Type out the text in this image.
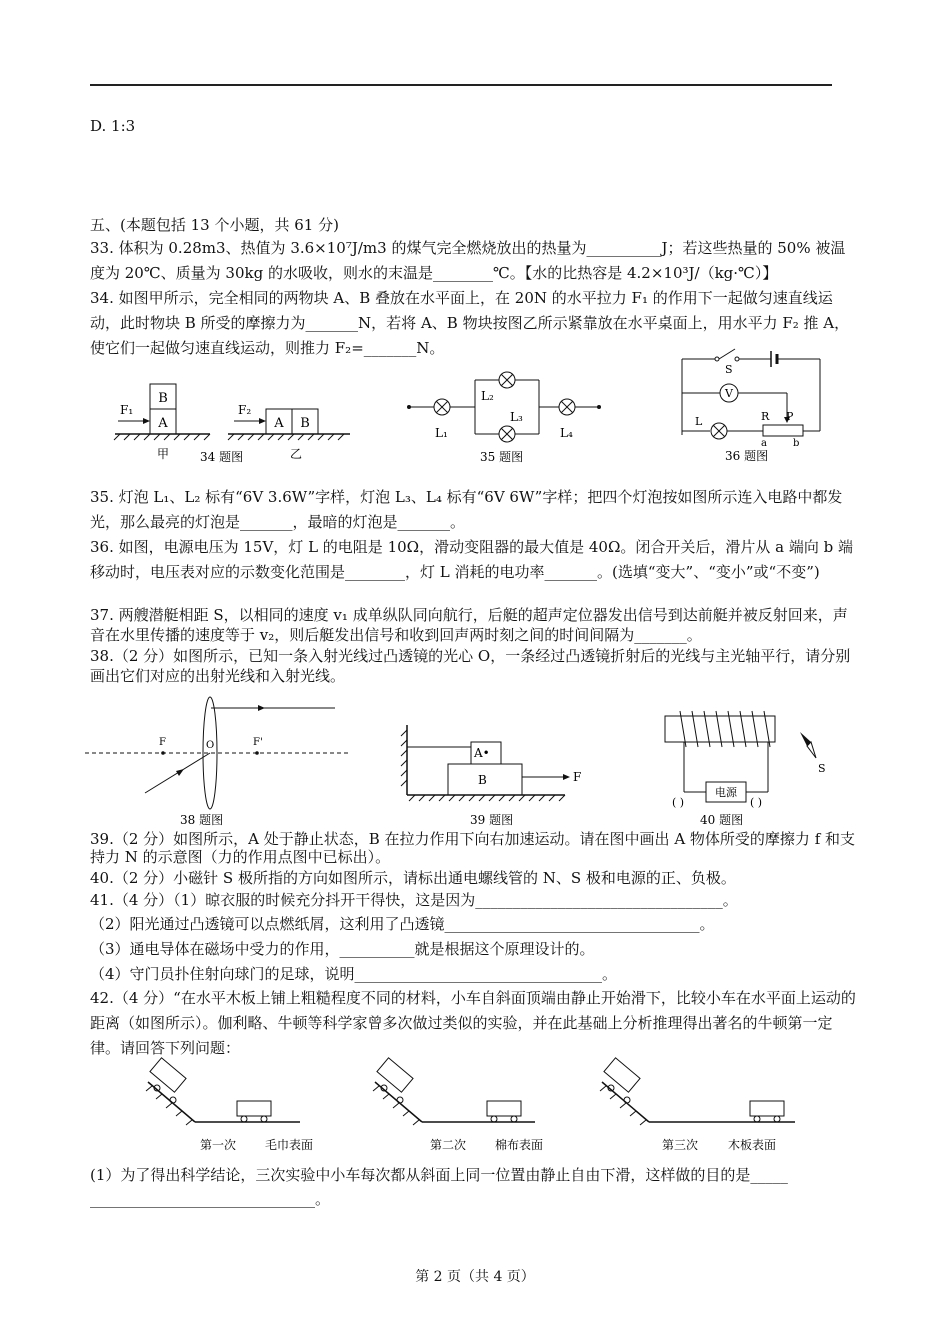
D. 1:3
五、(本题包括 13 个小题，共 61 分)
33. 体积为 0.28m3、热值为 3.6×10⁷J/m3 的煤气完全燃烧放出的热量为__________J；若这些热量的 50% 被温度为 20℃、质量为 30kg 的水吸收，则水的末温是________℃。【水的比热容是 4.2×10³J/（kg·℃）】
34. 如图甲所示，完全相同的两物块 A、B 叠放在水平面上，在 20N 的水平拉力 F₁ 的作用下一起做匀速直线运动，此时物块 B 所受的摩擦力为_______N，若将 A、B 物块按图乙所示紧靠放在水平桌面上，用水平力 F₂ 推 A，使它们一起做匀速直线运动，则推力 F₂=_______N。
B
A
F₁
甲
A B
F₂
34 题图	乙
L₁
L₂
L₃
L₄
35 题图
S
V
L	R P
a	b
36 题图
35. 灯泡 L₁、L₂ 标有“6V 3.6W”字样，灯泡 L₃、L₄ 标有“6V 6W”字样；把四个灯泡按如图所示连入电路中都发光，那么最亮的灯泡是_______，最暗的灯泡是_______。
36. 如图，电源电压为 15V，灯 L 的电阻是 10Ω，滑动变阻器的最大值是 40Ω。闭合开关后，滑片从 a 端向 b 端移动时，电压表对应的示数变化范围是________，灯 L 消耗的电功率_______。(选填“变大”、“变小”或“不变”)
37. 两艘潜艇相距 S，以相同的速度 v₁ 成单纵队同向航行，后艇的超声定位器发出信号到达前艇并被反射回来，声音在水里传播的速度等于 v₂，则后艇发出信号和收到回声两时刻之间的时间间隔为_______。
38.（2 分）如图所示，已知一条入射光线过凸透镜的光心 O，一条经过凸透镜折射后的光线与主光轴平行，请分别画出它们对应的出射光线和入射光线。
F	O	F'
38 题图
B
A•
F
39 题图
电源
( )	( )
S
40 题图
39.（2 分）如图所示，A 处于静止状态，B 在拉力作用下向右加速运动。请在图中画出 A 物体所受的摩擦力 f 和支持力 N 的示意图（力的作用点图中已标出）。
40.（2 分）小磁针 S 极所指的方向如图所示，请标出通电螺线管的 N、S 极和电源的正、负极。
41.（4 分）（1）晾衣服的时候充分抖开干得快，这是因为_________________________________。
（2）阳光通过凸透镜可以点燃纸屑，这利用了凸透镜__________________________________。
（3）通电导体在磁场中受力的作用，__________就是根据这个原理设计的。
（4）守门员扑住射向球门的足球，说明_________________________________。
42.（4 分）“在水平木板上铺上粗糙程度不同的材料，小车自斜面顶端由静止开始滑下，比较小车在水平面上运动的距离（如图所示）。伽利略、牛顿等科学家曾多次做过类似的实验，并在此基础上分析推理得出著名的牛顿第一定律。请回答下列问题：
第一次 毛巾表面	第二次 棉布表面	第三次 木板表面
(1）为了得出科学结论，三次实验中小车每次都从斜面上同一位置由静止自由下滑，这样做的目的是_____
______________________________。
第 2 页（共 4 页）
